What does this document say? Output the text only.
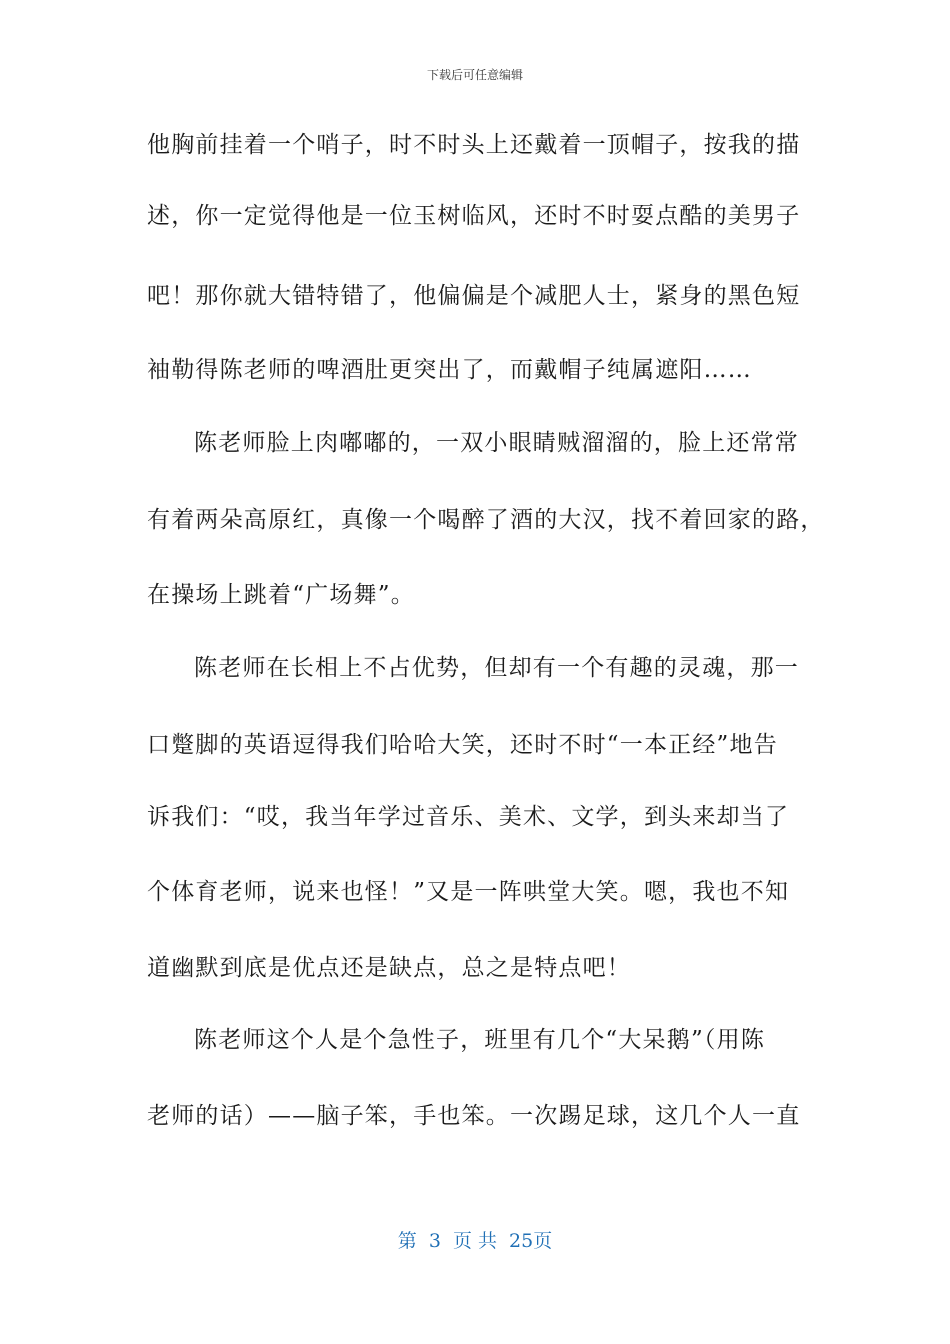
下载后可任意编辑
他胸前挂着一个哨子，时不时头上还戴着一顶帽子，按我的描
述，你一定觉得他是一位玉树临风，还时不时耍点酷的美男子
吧！那你就大错特错了，他偏偏是个减肥人士，紧身的黑色短
袖勒得陈老师的啤酒肚更突出了，而戴帽子纯属遮阳……
陈老师脸上肉嘟嘟的，一双小眼睛贼溜溜的，脸上还常常
有着两朵高原红，真像一个喝醉了酒的大汉，找不着回家的路，
在操场上跳着“广场舞”。
陈老师在长相上不占优势，但却有一个有趣的灵魂，那一
口蹩脚的英语逗得我们哈哈大笑，还时不时“一本正经”地告
诉我们：“哎，我当年学过音乐、美术、文学，到头来却当了
个体育老师，说来也怪！”又是一阵哄堂大笑。嗯，我也不知
道幽默到底是优点还是缺点，总之是特点吧！
陈老师这个人是个急性子，班里有几个“大呆鹅”（用陈
老师的话）——脑子笨，手也笨。一次踢足球，这几个人一直
第 3 页 共 25页
